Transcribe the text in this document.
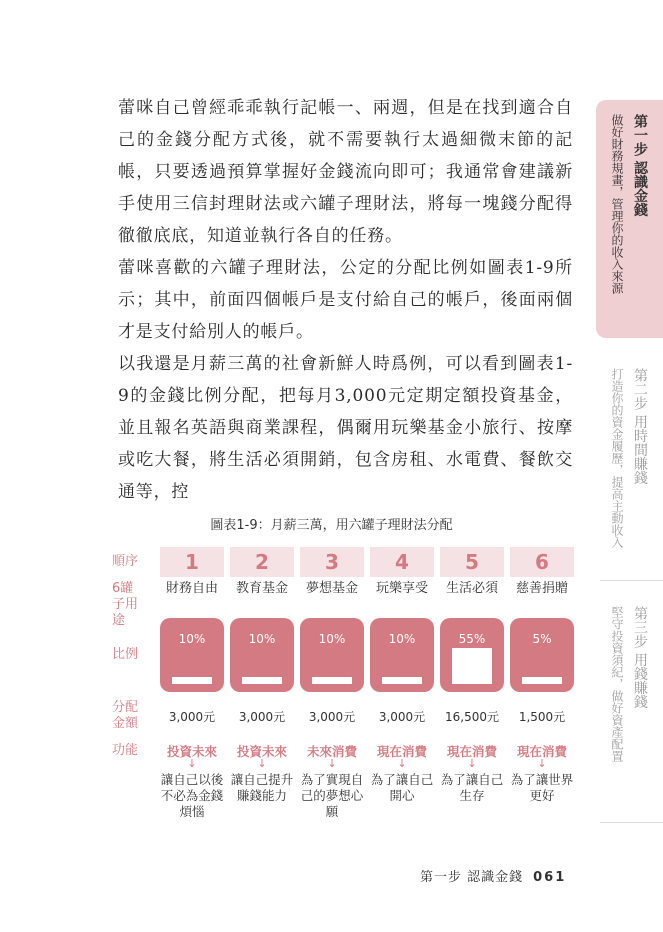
蕾咪自己曾經乖乖執行記帳一、兩週，但是在找到適合自己的金錢分配方式後，就不需要執行太過細微末節的記帳，只要透過預算掌握好金錢流向即可；我通常會建議新手使用三信封理財法或六罐子理財法，將每一塊錢分配得徹徹底底，知道並執行各自的任務。

蕾咪喜歡的六罐子理財法，公定的分配比例如圖表1-9所示；其中，前面四個帳戶是支付給自己的帳戶，後面兩個才是支付給別人的帳戶。

以我還是月薪三萬的社會新鮮人時爲例，可以看到圖表1-9的金錢比例分配，把每月3,000元定期定額投資基金，並且報名英語與商業課程，偶爾用玩樂基金小旅行、按摩或吃大餐，將生活必須開銷，包含房租、水電費、餐飲交通等，控

第一步 認識金錢
做好財務規畫，管理你的收入來源
第二步 用時間賺錢
打造你的資金履歷，提高主動收入
第三步 用錢賺錢
堅守投資須紀，做好資產配置
圖表1-9：月薪三萬，用六罐子理財法分配
順序
6罐子用途
比例
分配金額
功能
1
財務自由
10%
3,000元
投資未來
↓
讓自己以後不必為金錢煩惱
2
教育基金
10%
3,000元
投資未來
↓
讓自己提升賺錢能力
3
夢想基金
10%
3,000元
未來消費
↓
為了實現自己的夢想心願
4
玩樂享受
10%
3,000元
現在消費
↓
為了讓自己開心
5
生活必須
55%
16,500元
現在消費
↓
為了讓自己生存
6
慈善捐贈
5%
1,500元
現在消費
↓
為了讓世界更好
第一步 認識金錢 061
